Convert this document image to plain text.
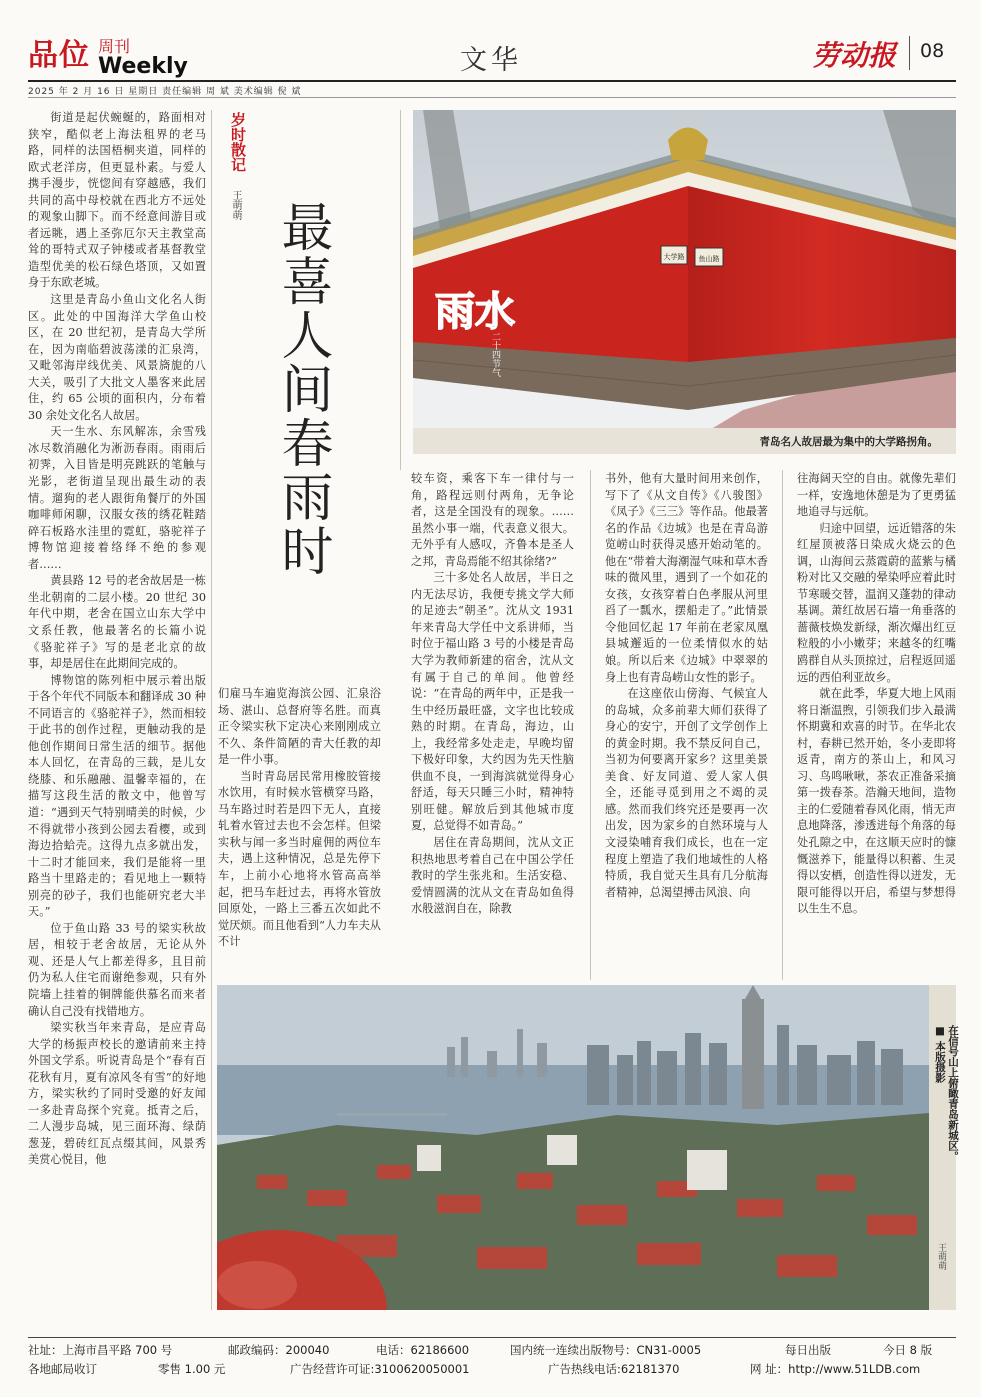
品位 周刊
Weekly	文华	劳动报 08
2025 年 2 月 16 日 星期日 责任编辑 周 斌 美术编辑 倪 斌

街道是起伏蜿蜒的，路面相对狭窄，酷似老上海法租界的老马路，同样的法国梧桐夹道，同样的欧式老洋房，但更显朴素。与爱人携手漫步，恍惚间有穿越感，我们共同的高中母校就在西北方不远处的观象山脚下。而不经意间游目或者远眺，遇上圣弥厄尔天主教堂高耸的哥特式双子钟楼或者基督教堂造型优美的松石绿色塔顶，又如置身于东欧老城。

这里是青岛小鱼山文化名人街区。此处的中国海洋大学鱼山校区，在 20 世纪初，是青岛大学所在，因为南临碧波荡漾的汇泉湾，又毗邻海岸线优美、风景旖旎的八大关，吸引了大批文人墨客来此居住，约 65 公顷的面积内，分布着 30 余处文化名人故居。

天一生水、东风解冻，余雪残冰尽数消融化为淅沥春雨。雨雨后初霁，入目皆是明亮跳跃的笔触与光影，老街道呈现出最生动的表情。遛狗的老人跟街角餐厅的外国咖啡师闲聊，汉服女孩的绣花鞋踏碎石板路水洼里的霓虹，骆驼祥子博物馆迎接着络绎不绝的参观者……

黄县路 12 号的老舍故居是一栋坐北朝南的二层小楼。20 世纪 30 年代中期，老舍在国立山东大学中文系任教，他最著名的长篇小说《骆驼祥子》写的是老北京的故事，却是居住在此期间完成的。

博物馆的陈列柜中展示着出版于各个年代不同版本和翻译成 30 种不同语言的《骆驼祥子》，然而相较于此书的创作过程，更触动我的是他创作期间日常生活的细节。据他本人回忆，在青岛的三载，是儿女绕膝、和乐融融、温馨幸福的，在描写这段生活的散文中，他曾写道：“遇到天气特别晴美的时候，少不得就带小孩到公园去看樱，或到海边拾蛤壳。这得九点多就出发，十二时才能回来，我们是能将一里路当十里路走的；看见地上一颗特别亮的砂子，我们也能研究老大半天。”

位于鱼山路 33 号的梁实秋故居，相较于老舍故居，无论从外观、还是人气上都差得多，且目前仍为私人住宅而谢绝参观，只有外院墙上挂着的铜牌能供慕名而来者确认自己没有找错地方。

梁实秋当年来青岛，是应青岛大学的杨振声校长的邀请前来主持外国文学系。听说青岛是个“春有百花秋有月，夏有凉风冬有雪”的好地方，梁实秋约了同时受邀的好友闻一多赴青岛探个究竟。抵青之后，二人漫步岛城，见三面环海、绿荫葱茏，碧砖红瓦点缀其间，风景秀美赏心悦目，他

岁时散记
王萌萌 最喜人间春雨时	大学路 鱼山路
雨水
二十四节气
青岛名人故居最为集中的大学路拐角。

们雇马车遍览海滨公园、汇泉浴场、湛山、总督府等名胜。而真正令梁实秋下定决心来刚刚成立不久、条件简陋的青大任教的却是一件小事。

当时青岛居民常用橡胶管接水饮用，有时候水管横穿马路，马车路过时若是四下无人，直接轧着水管过去也不会怎样。但梁实秋与闻一多当时雇佣的两位车夫，遇上这种情况，总是先停下车，上前小心地将水管高高举起，把马车赶过去，再将水管放回原处，一路上三番五次如此不觉厌烦。而且他看到“人力车夫从不计

较车资，乘客下车一律付与一角，路程远则付两角，无争论者，这是全国没有的现象。……虽然小事一端，代表意义很大。无外乎有人感叹，齐鲁本是圣人之邦，青岛焉能不绍其徐绪?”

三十多处名人故居，半日之内无法尽访，我便专挑文学大师的足迹去“朝圣”。沈从文 1931 年来青岛大学任中文系讲师，当时位于福山路 3 号的小楼是青岛大学为教师新建的宿舍，沈从文有属于自己的单间。他曾经说：“在青岛的两年中，正是我一生中经历最旺盛，文字也比较成熟的时期。在青岛，海边，山上，我经常多处走走，早晚均留下极好印象，大约因为先天性脑供血不良，一到海滨就觉得身心舒适，每天只睡三小时，精神特别旺健。解放后到其他城市度夏，总觉得不如青岛。”

居住在青岛期间，沈从文正积热地思考着自己在中国公学任教时的学生张兆和。生活安稳、爱情圆满的沈从文在青岛如鱼得水般滋润自在，除教

书外，他有大量时间用来创作，写下了《从文自传》《八骏图》《凤子》《三三》等作品。他最著名的作品《边城》也是在青岛游览崂山时获得灵感开始动笔的。他在“带着大海潮湿气味和草木香味的微风里，遇到了一个如花的女孩，女孩穿着白色孝服从河里舀了一瓢水，摆船走了。”此情景令他回忆起 17 年前在老家凤凰县城邂逅的一位柔情似水的姑娘。所以后来《边城》中翠翠的身上也有青岛崂山女性的影子。

在这座依山傍海、气候宜人的岛城，众多前辈大师们获得了身心的安宁，开创了文学创作上的黄金时期。我不禁反问自己，当初为何要离开家乡？这里美景美食、好友同道、爱人家人俱全，还能寻觅到用之不竭的灵感。然而我们终究还是要再一次出发，因为家乡的自然环境与人文浸染哺育我们成长，也在一定程度上塑造了我们地域性的人格特质，我自觉天生具有几分航海者精神，总渴望搏击风浪、向

往海阔天空的自由。就像先辈们一样，安逸地休憩是为了更勇猛地追寻与远航。

归途中回望，远近错落的朱红屋顶被落日染成火烧云的色调，山海间云蒸霞蔚的蓝紫与橘粉对比又交融的晕染呼应着此时节寒暖交替，温润又蓬勃的律动基调。萧红故居石墙一角垂落的蔷薇枝焕发新绿，渐次爆出红豆粒般的小小嫩芽；来越冬的红嘴鸥群自从头顶掠过，启程返回遥远的西伯利亚故乡。

就在此季，华夏大地上风雨将日渐温煦，引领我们步入最满怀期冀和欢喜的时节。在华北农村，春耕已然开始，冬小麦即将返青，南方的茶山上，和风习习、鸟鸣啾啾，茶农正准备采摘第一拨春茶。浩瀚天地间，造物主的仁爱随着春风化雨，悄无声息地降落，渗透进每个角落的每处孔隙之中，在这顺天应时的慷慨滋养下，能量得以积蓄、生灵得以安栖，创造性得以迸发，无限可能得以开启，希望与梦想得以生生不息。

在信号山上俯瞰青岛新城区。
■ 本版摄影
王萌萌
社址：上海市昌平路 700 号	邮政编码：200040	电话：62186600	国内统一连续出版物号：CN31-0005	每日出版	今日 8 版
各地邮局收订	零售 1.00 元	广告经营许可证:3100620050001	广告热线电话:62181370	网 址：http://www.51LDB.com
